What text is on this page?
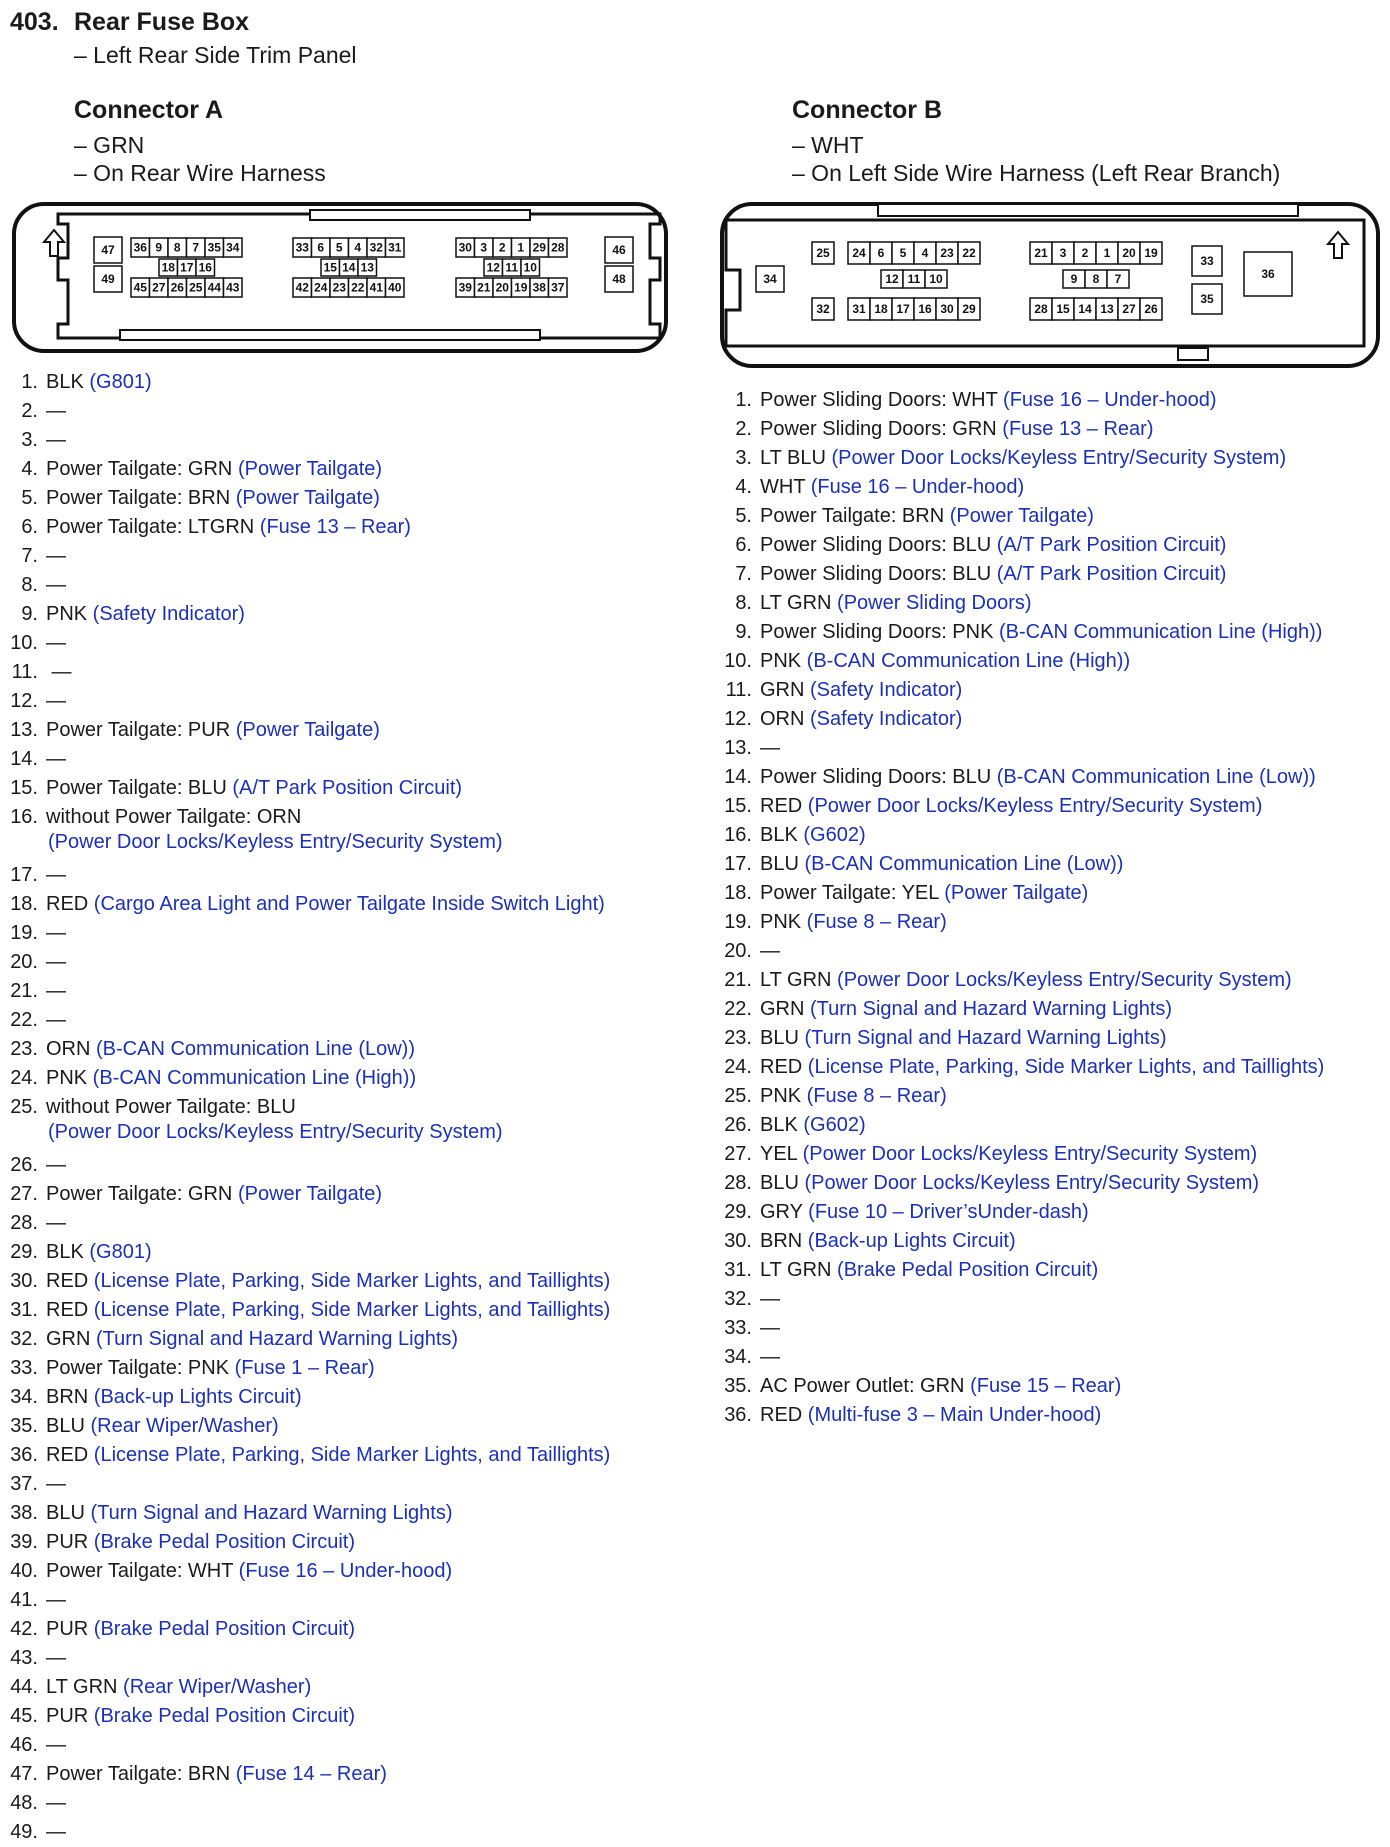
403. Rear Fuse Box
– Left Rear Side Trim Panel
Connector A
– GRN
– On Rear Wire Harness
Connector B
– WHT
– On Left Side Wire Harness (Left Rear Branch)
47
49
36 9 8 7 35 34
18 17 16
45 27 26 25 44 43
33 6 5 4 32 31
15 14 13
42 24 23 22 41 40
30 3 2 1 29 28
12 11 10
39 21 20 19 38 37
46
48	34
25
32
24 6 5 4 23 22
12 11 10
31 18 17 16 30 29
21 3 2 1 20 19
9 8 7
28 15 14 13 27 26
33
35
36
1. BLK (G801)
2. —
3. —
4. Power Tailgate: GRN (Power Tailgate)
5. Power Tailgate: BRN (Power Tailgate)
6. Power Tailgate: LTGRN (Fuse 13 – Rear)
7. —
8. —
9. PNK (Safety Indicator)
10. —
11. —
12. —
13. Power Tailgate: PUR (Power Tailgate)
14. —
15. Power Tailgate: BLU (A/T Park Position Circuit)
16. without Power Tailgate: ORN
(Power Door Locks/Keyless Entry/Security System)
17. —
18. RED (Cargo Area Light and Power Tailgate Inside Switch Light)
19. —
20. —
21. —
22. —
23. ORN (B-CAN Communication Line (Low))
24. PNK (B-CAN Communication Line (High))
25. without Power Tailgate: BLU
(Power Door Locks/Keyless Entry/Security System)
26. —
27. Power Tailgate: GRN (Power Tailgate)
28. —
29. BLK (G801)
30. RED (License Plate, Parking, Side Marker Lights, and Taillights)
31. RED (License Plate, Parking, Side Marker Lights, and Taillights)
32. GRN (Turn Signal and Hazard Warning Lights)
33. Power Tailgate: PNK (Fuse 1 – Rear)
34. BRN (Back-up Lights Circuit)
35. BLU (Rear Wiper/Washer)
36. RED (License Plate, Parking, Side Marker Lights, and Taillights)
37. —
38. BLU (Turn Signal and Hazard Warning Lights)
39. PUR (Brake Pedal Position Circuit)
40. Power Tailgate: WHT (Fuse 16 – Under-hood)
41. —
42. PUR (Brake Pedal Position Circuit)
43. —
44. LT GRN (Rear Wiper/Washer)
45. PUR (Brake Pedal Position Circuit)
46. —
47. Power Tailgate: BRN (Fuse 14 – Rear)
48. —
49. —
1. Power Sliding Doors: WHT (Fuse 16 – Under-hood)
2. Power Sliding Doors: GRN (Fuse 13 – Rear)
3. LT BLU (Power Door Locks/Keyless Entry/Security System)
4. WHT (Fuse 16 – Under-hood)
5. Power Tailgate: BRN (Power Tailgate)
6. Power Sliding Doors: BLU (A/T Park Position Circuit)
7. Power Sliding Doors: BLU (A/T Park Position Circuit)
8. LT GRN (Power Sliding Doors)
9. Power Sliding Doors: PNK (B-CAN Communication Line (High))
10. PNK (B-CAN Communication Line (High))
11. GRN (Safety Indicator)
12. ORN (Safety Indicator)
13. —
14. Power Sliding Doors: BLU (B-CAN Communication Line (Low))
15. RED (Power Door Locks/Keyless Entry/Security System)
16. BLK (G602)
17. BLU (B-CAN Communication Line (Low))
18. Power Tailgate: YEL (Power Tailgate)
19. PNK (Fuse 8 – Rear)
20. —
21. LT GRN (Power Door Locks/Keyless Entry/Security System)
22. GRN (Turn Signal and Hazard Warning Lights)
23. BLU (Turn Signal and Hazard Warning Lights)
24. RED (License Plate, Parking, Side Marker Lights, and Taillights)
25. PNK (Fuse 8 – Rear)
26. BLK (G602)
27. YEL (Power Door Locks/Keyless Entry/Security System)
28. BLU (Power Door Locks/Keyless Entry/Security System)
29. GRY (Fuse 10 – Driver’sUnder-dash)
30. BRN (Back-up Lights Circuit)
31. LT GRN (Brake Pedal Position Circuit)
32. —
33. —
34. —
35. AC Power Outlet: GRN (Fuse 15 – Rear)
36. RED (Multi-fuse 3 – Main Under-hood)
